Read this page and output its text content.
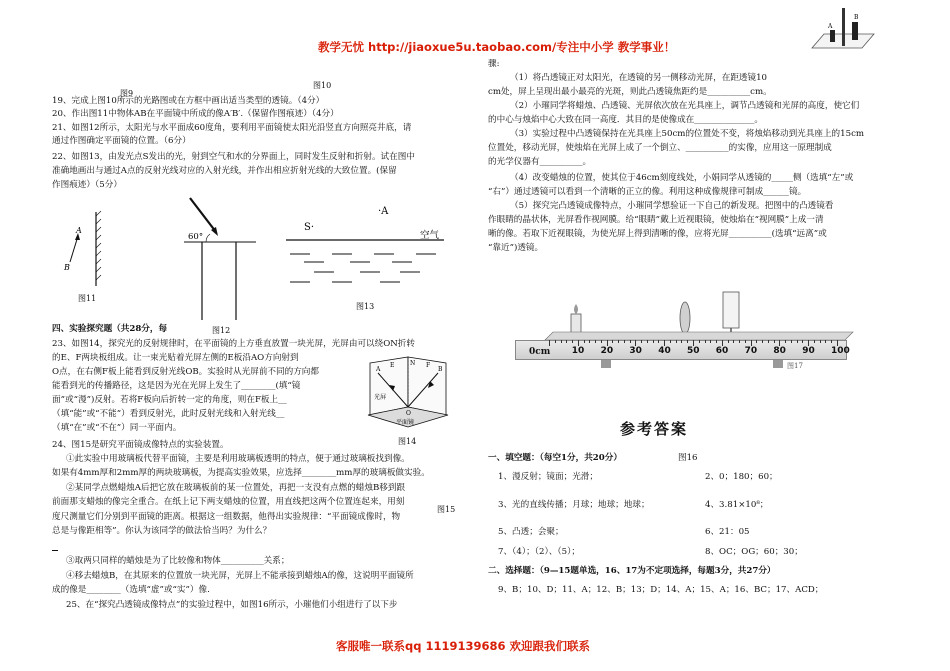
教学无忧 http://jiaoxue5u.taobao.com/专注中小学 教学事业！
客服唯一联系qq 1119139686 欢迎跟我们联系
B
A
图9
图10
19、完成上图10所示的光路图或在方框中画出适当类型的透镜。（4分）
20、作出图11中物体AB在平面镜中所成的像A′B′.（保留作图痕迹）（4分）
21、如图12所示，太阳光与水平面成60度角，要利用平面镜使太阳光沿竖直方向照亮井底，请
通过作图确定平面镜的位置。（6分）
22、如图13，由发光点S发出的光，射到空气和水的分界面上，同时发生反射和折射。试在图中
准确地画出与通过A点的反射光线对应的入射光线，并作出相应折射光线的大致位置。(保留
作图痕迹）（5分）
A
B
图11
60°
图12
·A
S·
空气
图13
四、实验探究题（共28分，每
23、如图14，探究光的反射规律时，在平面镜的上方垂直放置一块光屏，光屏由可以绕ON折转
的E、F两块板组成。让一束光贴着光屏左侧的E板沿AO方向射到
O点，在右侧F板上能看到反射光线OB。实验时从光屏前不同的方向都
能看到光的传播路径，这是因为光在光屏上发生了________(填“镜
面”或“漫”)反射。若将F板向后折转一定的角度，则在F板上__
（填“能”或“不能”）看到反射光，此时反射光线和入射光线__
（填“在”或“不在”）同一平面内。
E	N F
A	B
O
光屏
平面镜
图14
24、图15是研究平面镜成像特点的实验装置。
①此实验中用玻璃板代替平面镜，主要是利用玻璃板透明的特点，便于通过玻璃板找到像。
如果有4mm厚和2mm厚的两块玻璃板，为提高实验效果，应选择________mm厚的玻璃板做实验。
②某同学点燃蜡烛A后把它放在玻璃板前的某一位置处，再把一支没有点燃的蜡烛B移到跟
前面那支蜡烛的像完全重合。在纸上记下两支蜡烛的位置，用直线把这两个位置连起来，用刻
度尺测量它们分别到平面镜的距离。根据这一组数据，他得出实验规律：“平面镜成像时，物
图15
总是与像距相等”。你认为该同学的做法恰当吗？为什么？
③取两只同样的蜡烛是为了比较像和物体__________关系；
④移去蜡烛B，在其原来的位置放一块光屏，光屏上不能承接到蜡烛A的像，这说明平面镜所
成的像是________（选填“虚”或“实”）像.
25、在“探究凸透镜成像特点”的实验过程中，如图16所示，小璀他们小组进行了以下步
骤:
（1）将凸透镜正对太阳光，在透镜的另一侧移动光屏，在距透镜10
cm处，屏上呈现出最小最亮的光斑，则此凸透镜焦距约是__________cm。
（2）小璀同学将蜡烛、凸透镜、光屏依次放在光具座上，调节凸透镜和光屏的高度，使它们
的中心与烛焰中心大致在同一高度．其目的是使像成在______________。
（3）实验过程中凸透镜保持在光具座上50cm的位置处不变，将烛焰移动到光具座上的15cm
位置处，移动光屏，使烛焰在光屏上成了一个倒立、__________的实像，应用这一原理制成
的光学仪器有__________。
（4）改变蜡烛的位置，使其位于46cm刻度线处，小娟同学从透镜的_____侧（选填“左”或
“右”）通过透镜可以看到一个清晰的正立的像。利用这种成像规律可制成______镜。
（5）探究完凸透镜成像特点，小璀同学想验证一下自己的新发现。把图中的凸透镜看
作眼睛的晶状体，光屏看作视网膜。给“眼睛”戴上近视眼镜，使烛焰在“视网膜”上成一清
晰的像。若取下近视眼镜，为使光屏上得到清晰的像，应将光屏__________(选填“远离”或
“靠近”)透镜。
10 20 30 40 50 60 70 80 90 100
0cm
图17
参考答案
一、填空题：（每空1分，共20分）	图16
1、漫反射；镜面；光滑；	2、0；180；60；
3、光的直线传播；月球；地球；地球；	4、3.81×10⁸；
5、凸透；会聚；	6、21：05
7、（4）；（2）、（5）；	8、OC；OG；60；30；
二、选择题：（9—15题单选，16、17为不定项选择，每题3分，共27分）
9、B；10、D；11、A；12、B；13；D；14、A；15、A；16、BC；17、ACD；
